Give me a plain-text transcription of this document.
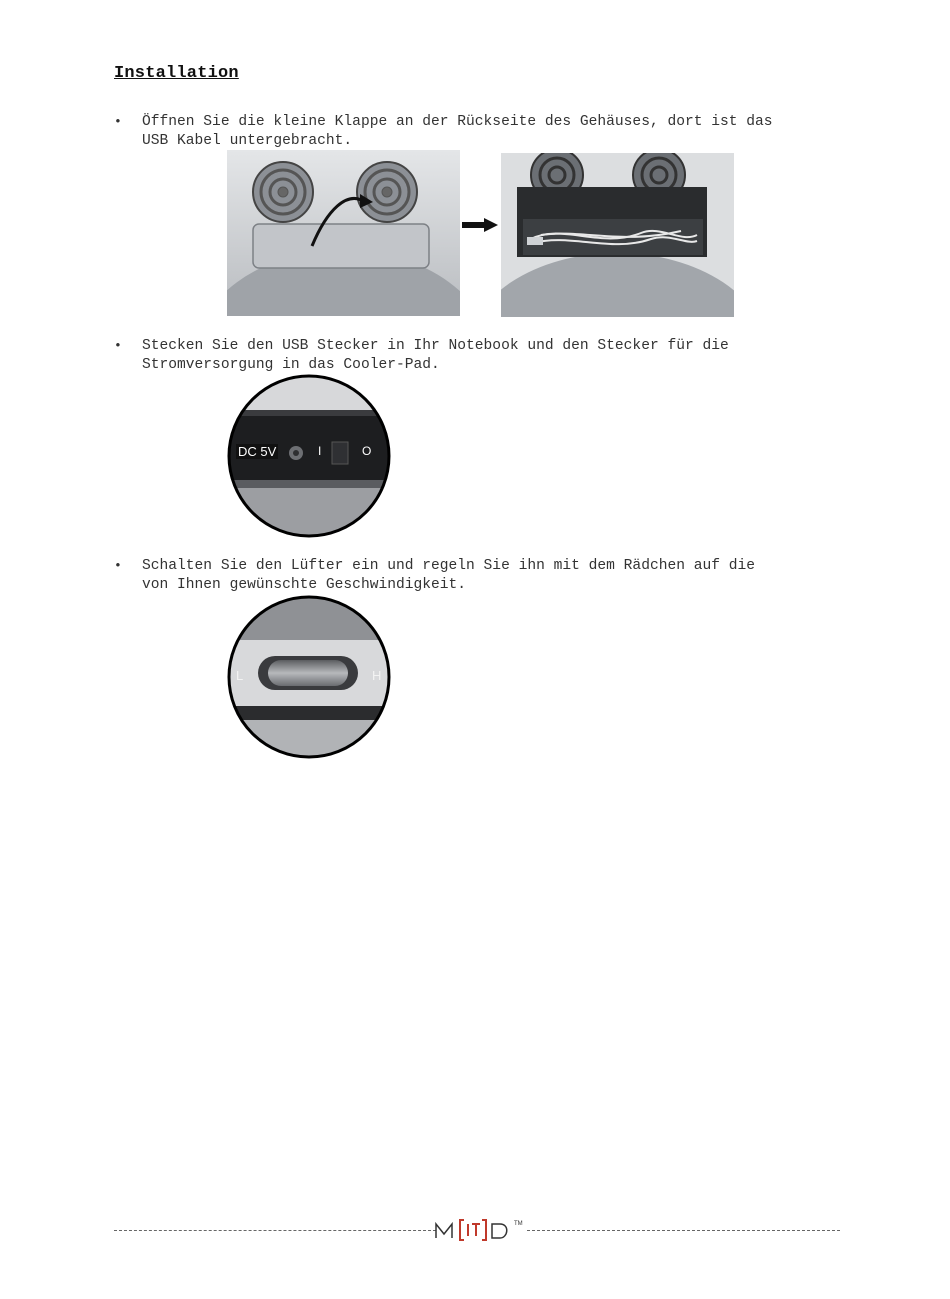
Installation
• Öffnen Sie die kleine Klappe an der Rückseite des Gehäuses, dort ist das
USB Kabel untergebracht.
• Stecken Sie den USB Stecker in Ihr Notebook und den Stecker für die
Stromversorgung in das Cooler-Pad.
DC 5V	I	O
• Schalten Sie den Lüfter ein und regeln Sie ihn mit dem Rädchen auf die
von Ihnen gewünschte Geschwindigkeit.
L	H
TM
